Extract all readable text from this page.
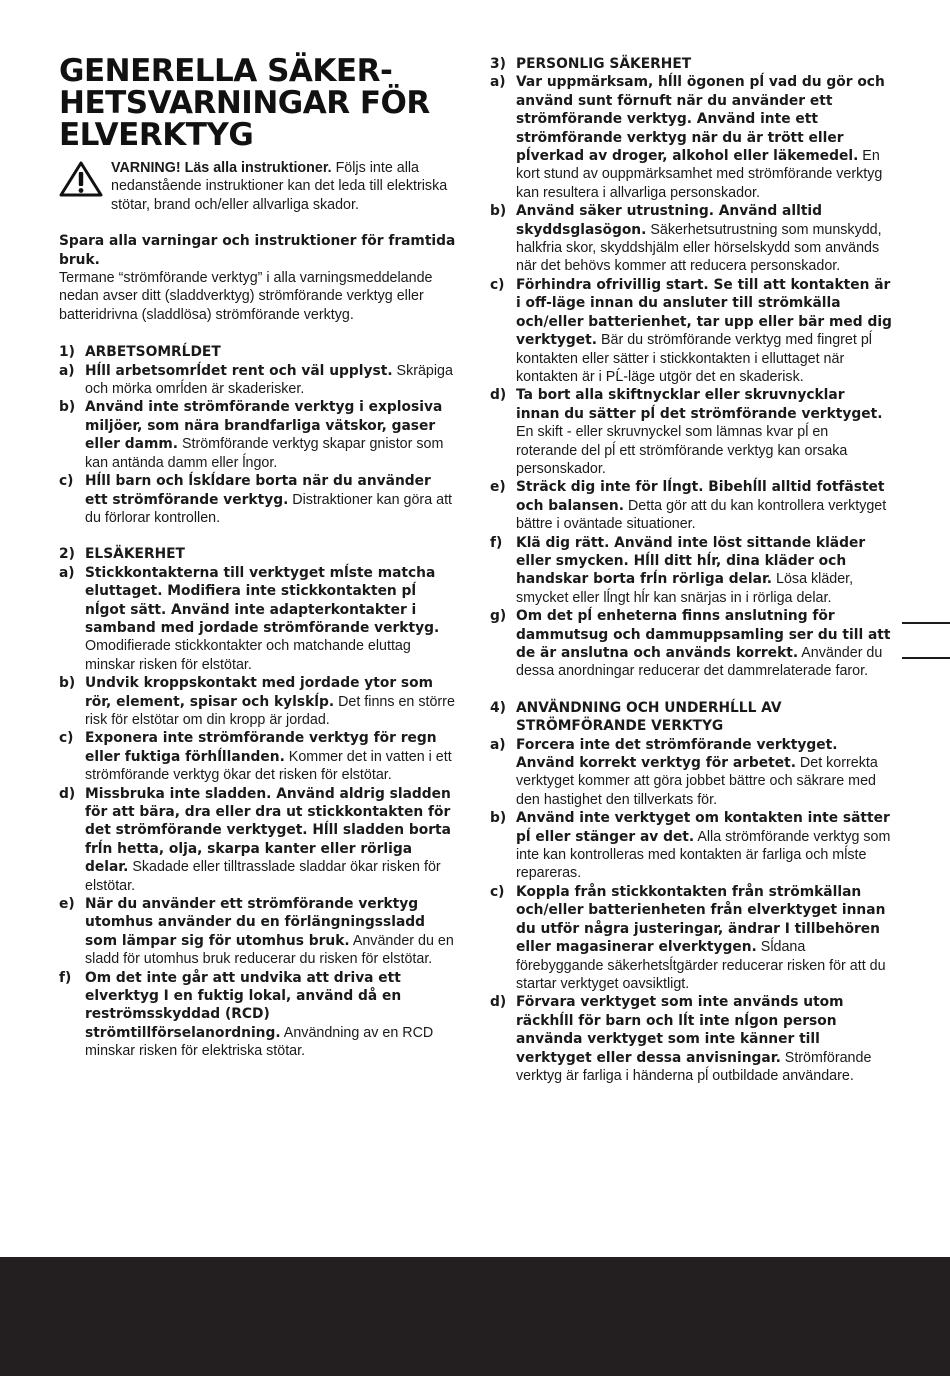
GENERELLA SÄKER-
HETSVARNINGAR FÖR
ELVERKTYG
VARNING! Läs alla instruktioner. Följs inte alla nedanstående instruktioner kan det leda till elektriska stötar, brand och/eller allvarliga skador.

Spara alla varningar och instruktioner för framtida bruk.

Termane “strömförande verktyg” i alla varningsmeddelande nedan avser ditt (sladdverktyg) strömförande verktyg eller batteridrivna (sladdlösa) strömförande verktyg.

1) ARBETSOMRĹDET
a) Hĺll arbetsomrĺdet rent och väl upplyst. Skräpiga och mörka omrĺden är skaderisker.
b) Använd inte strömförande verktyg i explosiva miljöer, som nära brandfarliga vätskor, gaser eller damm. Strömförande verktyg skapar gnistor som kan antända damm eller ĺngor.
c) Hĺll barn och ĺskĺdare borta när du använder ett strömförande verktyg. Distraktioner kan göra att du förlorar kontrollen.
2) ELSÄKERHET
a) Stickkontakterna till verktyget mĺste matcha eluttaget. Modifiera inte stickkontakten pĺ nĺgot sätt. Använd inte adapterkontakter i samband med jordade strömförande verktyg. Omodifierade stickkontakter och matchande eluttag minskar risken för elstötar.
b) Undvik kroppskontakt med jordade ytor som rör, element, spisar och kylskĺp. Det finns en större risk för elstötar om din kropp är jordad.
c) Exponera inte strömförande verktyg för regn eller fuktiga förhĺllanden. Kommer det in vatten i ett strömförande verktyg ökar det risken för elstötar.
d) Missbruka inte sladden. Använd aldrig sladden för att bära, dra eller dra ut stickkontakten för det strömförande verktyget. Hĺll sladden borta frĺn hetta, olja, skarpa kanter eller rörliga delar. Skadade eller tilltrasslade sladdar ökar risken för elstötar.
e) När du använder ett strömförande verktyg utomhus använder du en förlängningssladd som lämpar sig för utomhus bruk. Använder du en sladd för utomhus bruk reducerar du risken för elstötar.
f) Om det inte går att undvika att driva ett elverktyg I en fuktig lokal, använd då en reströmsskyddad (RCD) strömtillförselanordning. Användning av en RCD minskar risken för elektriska stötar.
3) PERSONLIG SÄKERHET
a) Var uppmärksam, hĺll ögonen pĺ vad du gör och använd sunt förnuft när du använder ett strömförande verktyg. Använd inte ett strömförande verktyg när du är trött eller pĺverkad av droger, alkohol eller läkemedel. En kort stund av ouppmärksamhet med strömförande verktyg kan resultera i allvarliga personskador.
b) Använd säker utrustning. Använd alltid skyddsglasögon. Säkerhetsutrustning som munskydd, halkfria skor, skyddshjälm eller hörselskydd som används när det behövs kommer att reducera personskador.
c) Förhindra ofrivillig start. Se till att kontakten är i off-läge innan du ansluter till strömkälla och/eller batterienhet, tar upp eller bär med dig verktyget. Bär du strömförande verktyg med fingret pĺ kontakten eller sätter i stickkontakten i elluttaget när kontakten är i PĹ-läge utgör det en skaderisk.
d) Ta bort alla skiftnycklar eller skruvnycklar innan du sätter pĺ det strömförande verktyget. En skift - eller skruvnyckel som lämnas kvar pĺ en roterande del pĺ ett strömförande verktyg kan orsaka personskador.
e) Sträck dig inte för lĺngt. Bibehĺll alltid fotfästet och balansen. Detta gör att du kan kontrollera verktyget bättre i oväntade situationer.
f) Klä dig rätt. Använd inte löst sittande kläder eller smycken. Hĺll ditt hĺr, dina kläder och handskar borta frĺn rörliga delar. Lösa kläder, smycket eller lĺngt hĺr kan snärjas in i rörliga delar.
g) Om det pĺ enheterna finns anslutning för dammutsug och dammuppsamling ser du till att de är anslutna och används korrekt. Använder du dessa anordningar reducerar det dammrelaterade faror.
4) ANVÄNDNING OCH UNDERHĹLL AV STRÖMFÖRANDE VERKTYG
a) Forcera inte det strömförande verktyget. Använd korrekt verktyg för arbetet. Det korrekta verktyget kommer att göra jobbet bättre och säkrare med den hastighet den tillverkats för.
b) Använd inte verktyget om kontakten inte sätter pĺ eller stänger av det. Alla strömförande verktyg som inte kan kontrolleras med kontakten är farliga och mĺste repareras.
c) Koppla från stickkontakten från strömkällan och/eller batterienheten från elverktyget innan du utför några justeringar, ändrar I tillbehören eller magasinerar elverktygen. Sĺdana förebyggande säkerhetsĺtgärder reducerar risken för att du startar verktyget oavsiktligt.
d) Förvara verktyget som inte används utom räckhĺll för barn och lĺt inte nĺgon person använda verktyget som inte känner till verktyget eller dessa anvisningar. Strömförande verktyg är farliga i händerna pĺ outbildade användare.
